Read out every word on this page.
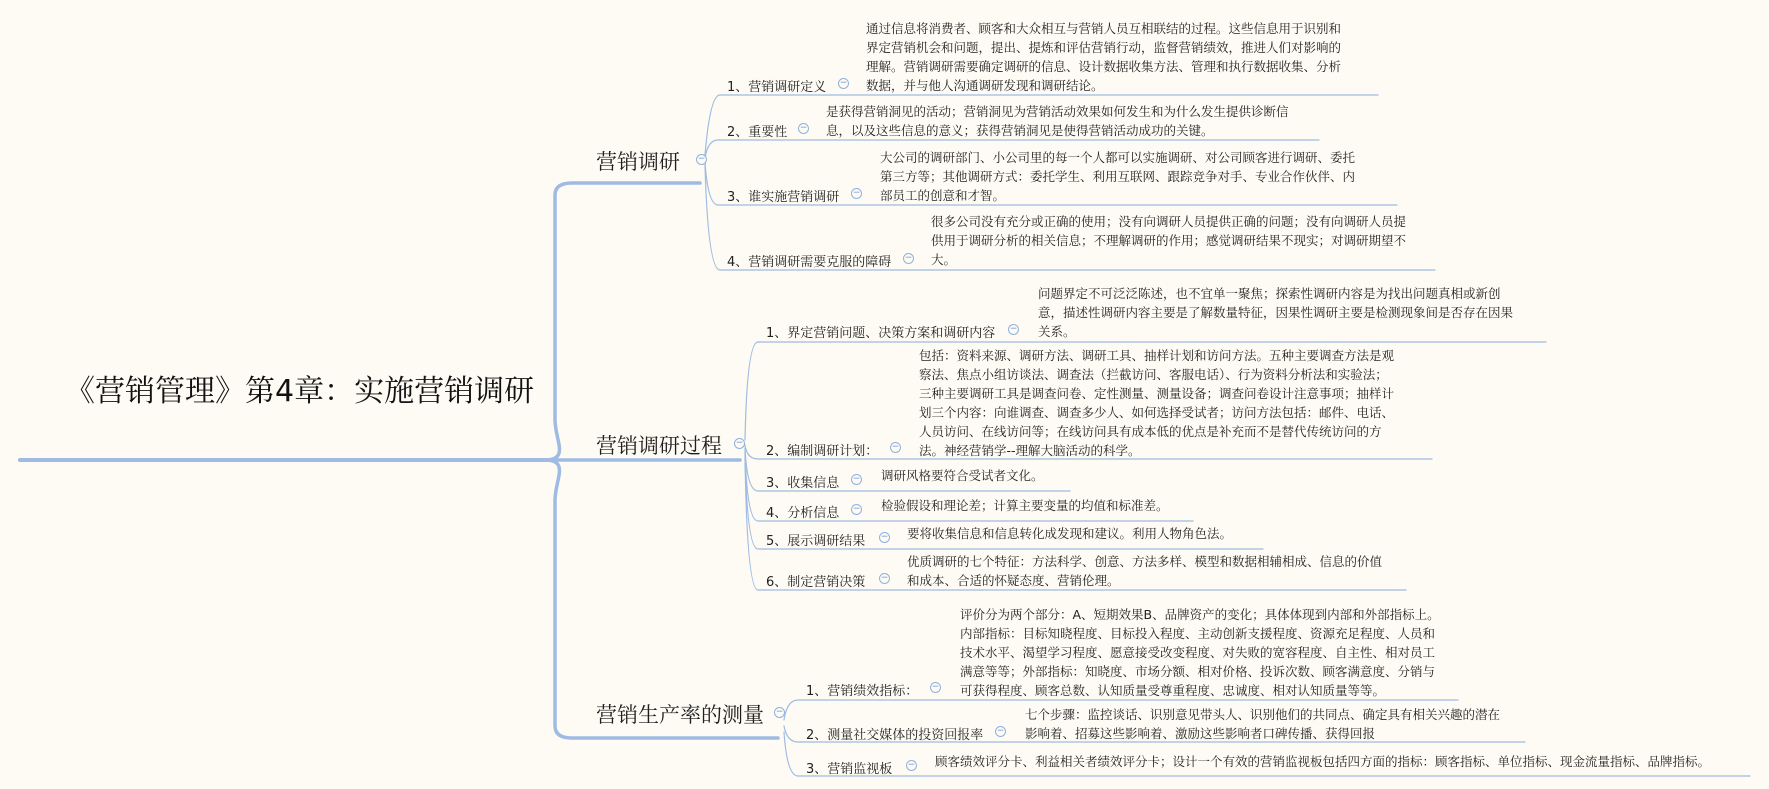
《营销管理》第4章：实施营销调研
营销调研 −
1、营销调研定义 −
通过信息将消费者、顾客和大众相互与营销人员互相联结的过程。这些信息用于识别和
界定营销机会和问题，提出、提炼和评估营销行动，监督营销绩效，推进人们对影响的
理解。营销调研需要确定调研的信息、设计数据收集方法、管理和执行数据收集、分析
数据，并与他人沟通调研发现和调研结论。
2、重要性 −
是获得营销洞见的活动；营销洞见为营销活动效果如何发生和为什么发生提供诊断信
息，以及这些信息的意义；获得营销洞见是使得营销活动成功的关键。
3、谁实施营销调研 −
大公司的调研部门、小公司里的每一个人都可以实施调研、对公司顾客进行调研、委托
第三方等；其他调研方式：委托学生、利用互联网、跟踪竞争对手、专业合作伙伴、内
部员工的创意和才智。
4、营销调研需要克服的障碍 −
很多公司没有充分或正确的使用；没有向调研人员提供正确的问题；没有向调研人员提
供用于调研分析的相关信息；不理解调研的作用；感觉调研结果不现实；对调研期望不
大。
营销调研过程 −
1、界定营销问题、决策方案和调研内容 −
问题界定不可泛泛陈述，也不宜单一聚焦；探索性调研内容是为找出问题真相或新创
意，描述性调研内容主要是了解数量特征，因果性调研主要是检测现象间是否存在因果
关系。
2、编制调研计划： −
包括：资料来源、调研方法、调研工具、抽样计划和访问方法。五种主要调查方法是观
察法、焦点小组访谈法、调查法（拦截访问、客服电话）、行为资料分析法和实验法；
三种主要调研工具是调查问卷、定性测量、测量设备；调查问卷设计注意事项；抽样计
划三个内容：向谁调查、调查多少人、如何选择受试者；访问方法包括：邮件、电话、
人员访问、在线访问等；在线访问具有成本低的优点是补充而不是替代传统访问的方
法。神经营销学--理解大脑活动的科学。
3、收集信息 − 调研风格要符合受试者文化。
4、分析信息 − 检验假设和理论差；计算主要变量的均值和标准差。
5、展示调研结果 − 要将收集信息和信息转化成发现和建议。利用人物角色法。
6、制定营销决策 −
优质调研的七个特征：方法科学、创意、方法多样、模型和数据相辅相成、信息的价值
和成本、合适的怀疑态度、营销伦理。
营销生产率的测量 −
1、营销绩效指标： −
评价分为两个部分：A、短期效果B、品牌资产的变化；具体体现到内部和外部指标上。
内部指标：目标知晓程度、目标投入程度、主动创新支援程度、资源充足程度、人员和
技术水平、渴望学习程度、愿意接受改变程度、对失败的宽容程度、自主性、相对员工
满意等等；外部指标：知晓度、市场分额、相对价格、投诉次数、顾客满意度、分销与
可获得程度、顾客总数、认知质量受尊重程度、忠诚度、相对认知质量等等。
2、测量社交媒体的投资回报率 −
七个步骤：监控谈话、识别意见带头人、识别他们的共同点、确定具有相关兴趣的潜在
影响着、招募这些影响着、激励这些影响者口碑传播、获得回报
3、营销监视板 − 顾客绩效评分卡、利益相关者绩效评分卡；设计一个有效的营销监视板包括四方面的指标：顾客指标、单位指标、现金流量指标、品牌指标。
